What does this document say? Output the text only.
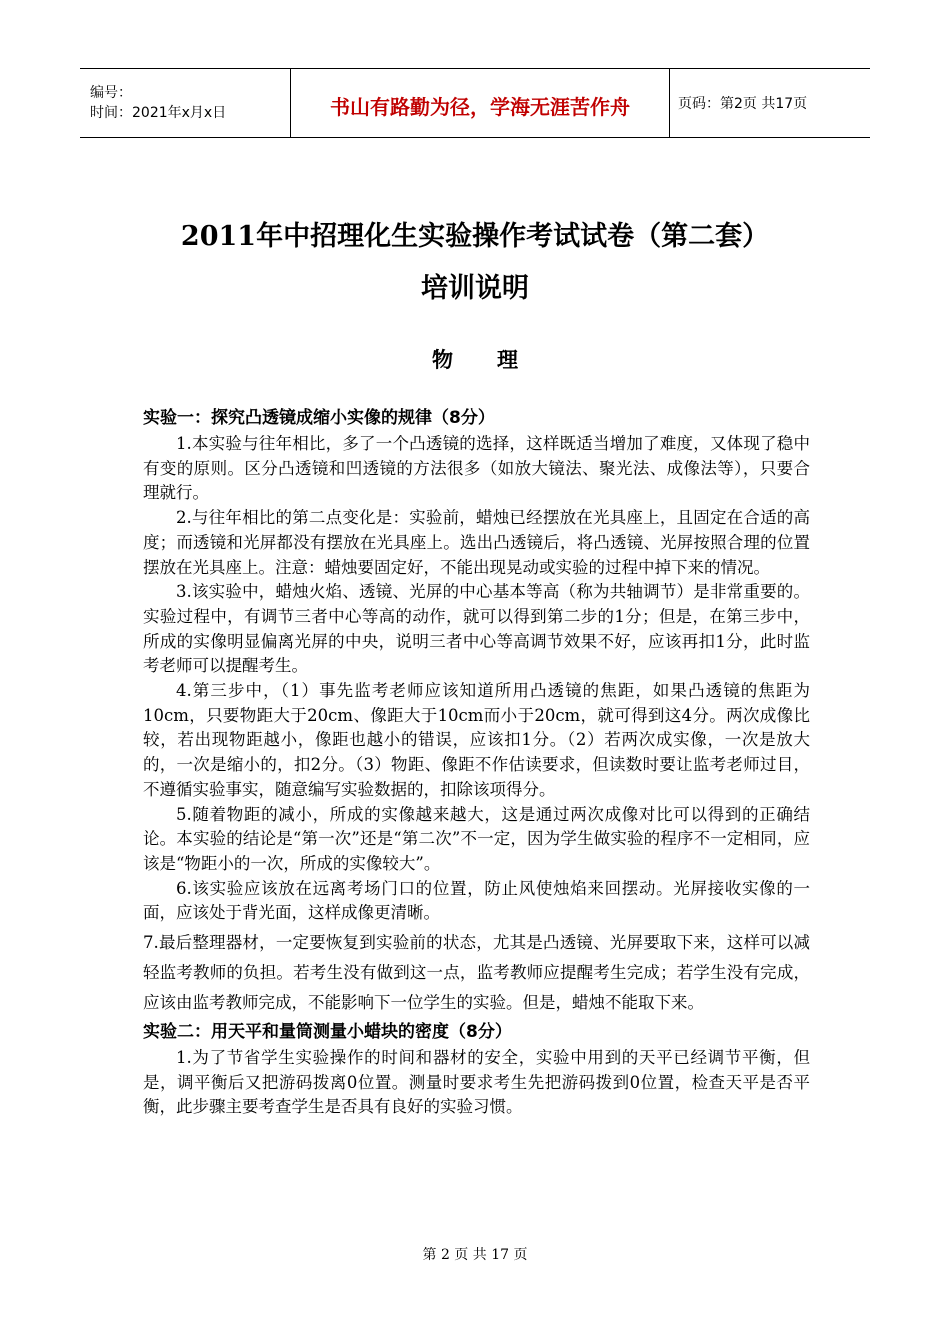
编号：
时间：2021年x月x日	书山有路勤为径，学海无涯苦作舟	页码：第2页 共17页
2011年中招理化生实验操作考试试卷（第二套）
培训说明
物理
实验一：探究凸透镜成缩小实像的规律（8分）

1.本实验与往年相比，多了一个凸透镜的选择，这样既适当增加了难度，又体现了稳中有变的原则。区分凸透镜和凹透镜的方法很多（如放大镜法、聚光法、成像法等），只要合理就行。

2.与往年相比的第二点变化是：实验前，蜡烛已经摆放在光具座上，且固定在合适的高度；而透镜和光屏都没有摆放在光具座上。选出凸透镜后，将凸透镜、光屏按照合理的位置摆放在光具座上。注意：蜡烛要固定好，不能出现晃动或实验的过程中掉下来的情况。

3.该实验中，蜡烛火焰、透镜、光屏的中心基本等高（称为共轴调节）是非常重要的。实验过程中，有调节三者中心等高的动作，就可以得到第二步的1分；但是，在第三步中，所成的实像明显偏离光屏的中央，说明三者中心等高调节效果不好，应该再扣1分，此时监考老师可以提醒考生。

4.第三步中，（1）事先监考老师应该知道所用凸透镜的焦距，如果凸透镜的焦距为10cm，只要物距大于20cm、像距大于10cm而小于20cm，就可得到这4分。两次成像比较，若出现物距越小，像距也越小的错误，应该扣1分。（2）若两次成实像，一次是放大的，一次是缩小的，扣2分。（3）物距、像距不作估读要求，但读数时要让监考老师过目，不遵循实验事实，随意编写实验数据的，扣除该项得分。

5.随着物距的减小，所成的实像越来越大，这是通过两次成像对比可以得到的正确结论。本实验的结论是“第一次”还是“第二次”不一定，因为学生做实验的程序不一定相同，应该是“物距小的一次，所成的实像较大”。

6.该实验应该放在远离考场门口的位置，防止风使烛焰来回摆动。光屏接收实像的一面，应该处于背光面，这样成像更清晰。

7.最后整理器材，一定要恢复到实验前的状态，尤其是凸透镜、光屏要取下来，这样可以减轻监考教师的负担。若考生没有做到这一点，监考教师应提醒考生完成；若学生没有完成，应该由监考教师完成，不能影响下一位学生的实验。但是，蜡烛不能取下来。

实验二：用天平和量筒测量小蜡块的密度（8分）

1.为了节省学生实验操作的时间和器材的安全，实验中用到的天平已经调节平衡，但是，调平衡后又把游码拨离0位置。测量时要求考生先把游码拨到0位置，检查天平是否平衡，此步骤主要考查学生是否具有良好的实验习惯。

第 2 页 共 17 页
